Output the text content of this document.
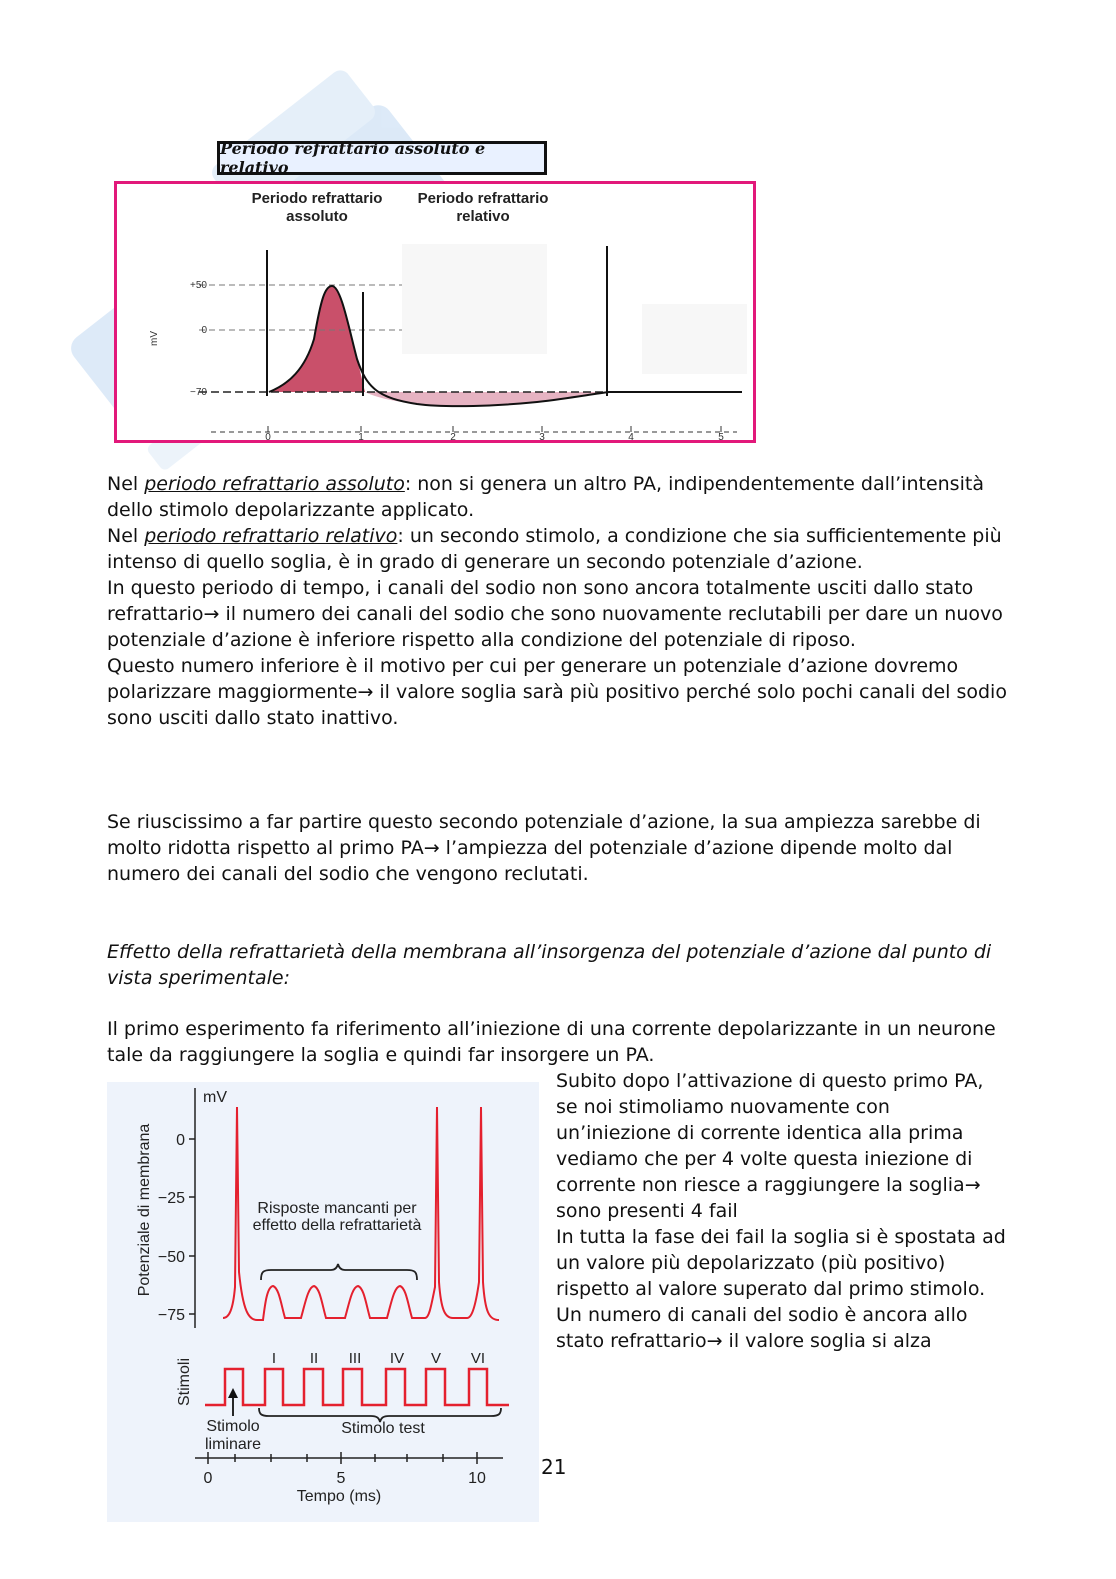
Periodo refrattario assoluto e relativo
0	1	2	3	4	5
+50
0
−70
mV
Periodo refrattario assoluto
Periodo refrattario relativo

Nel periodo refrattario assoluto: non si genera un altro PA, indipendentemente dall’intensità dello stimolo depolarizzante applicato.

Nel periodo refrattario relativo: un secondo stimolo, a condizione che sia sufficientemente più intenso di quello soglia, è in grado di generare un secondo potenziale d’azione.

In questo periodo di tempo, i canali del sodio non sono ancora totalmente usciti dallo stato refrattario→ il numero dei canali del sodio che sono nuovamente reclutabili per dare un nuovo potenziale d’azione è inferiore rispetto alla condizione del potenziale di riposo.

Questo numero inferiore è il motivo per cui per generare un potenziale d’azione dovremo polarizzare maggiormente→ il valore soglia sarà più positivo perché solo pochi canali del sodio sono usciti dallo stato inattivo.

Se riuscissimo a far partire questo secondo potenziale d’azione, la sua ampiezza sarebbe di molto ridotta rispetto al primo PA→ l’ampiezza del potenziale d’azione dipende molto dal numero dei canali del sodio che vengono reclutati.
Effetto della refrattarietà della membrana all’insorgenza del potenziale d’azione dal punto di vista sperimentale:
Il primo esperimento fa riferimento all’iniezione di una corrente depolarizzante in un neurone tale da raggiungere la soglia e quindi far insorgere un PA.
mV
0
−25
−50
−75
Potenziale di membrana	Risposte mancanti per effetto della refrattarietà
Stimoli	I II III IV V VI
Stimolo liminare
Stimolo test
0	5	10
Tempo (ms)

Subito dopo l’attivazione di questo primo PA, se noi stimoliamo nuovamente con un’iniezione di corrente identica alla prima vediamo che per 4 volte questa iniezione di corrente non riesce a raggiungere la soglia→ sono presenti 4 fail

In tutta la fase dei fail la soglia si è spostata ad un valore più depolarizzato (più positivo) rispetto al valore superato dal primo stimolo.

Un numero di canali del sodio è ancora allo stato refrattario→ il valore soglia si alza

21
